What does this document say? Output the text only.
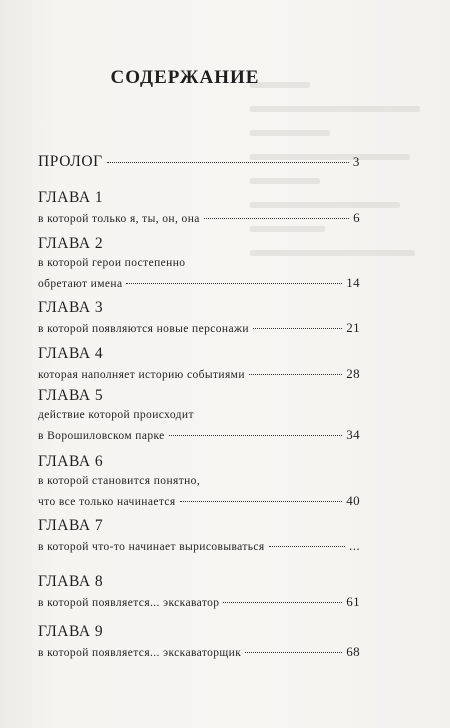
СОДЕРЖАНИЕ
ПРОЛОГ	3
ГЛАВА 1
в которой только я, ты, он, она	6
ГЛАВА 2
в которой герои постепенно
обретают имена	14
ГЛАВА 3
в которой появляются новые персонажи	21
ГЛАВА 4
которая наполняет историю событиями	28
ГЛАВА 5
действие которой происходит
в Ворошиловском парке	34
ГЛАВА 6
в которой становится понятно,
что все только начинается	40
ГЛАВА 7
в которой что-то начинает вырисовываться	...
ГЛАВА 8
в которой появляется... экскаватор	61
ГЛАВА 9
в которой появляется... экскаваторщик	68
